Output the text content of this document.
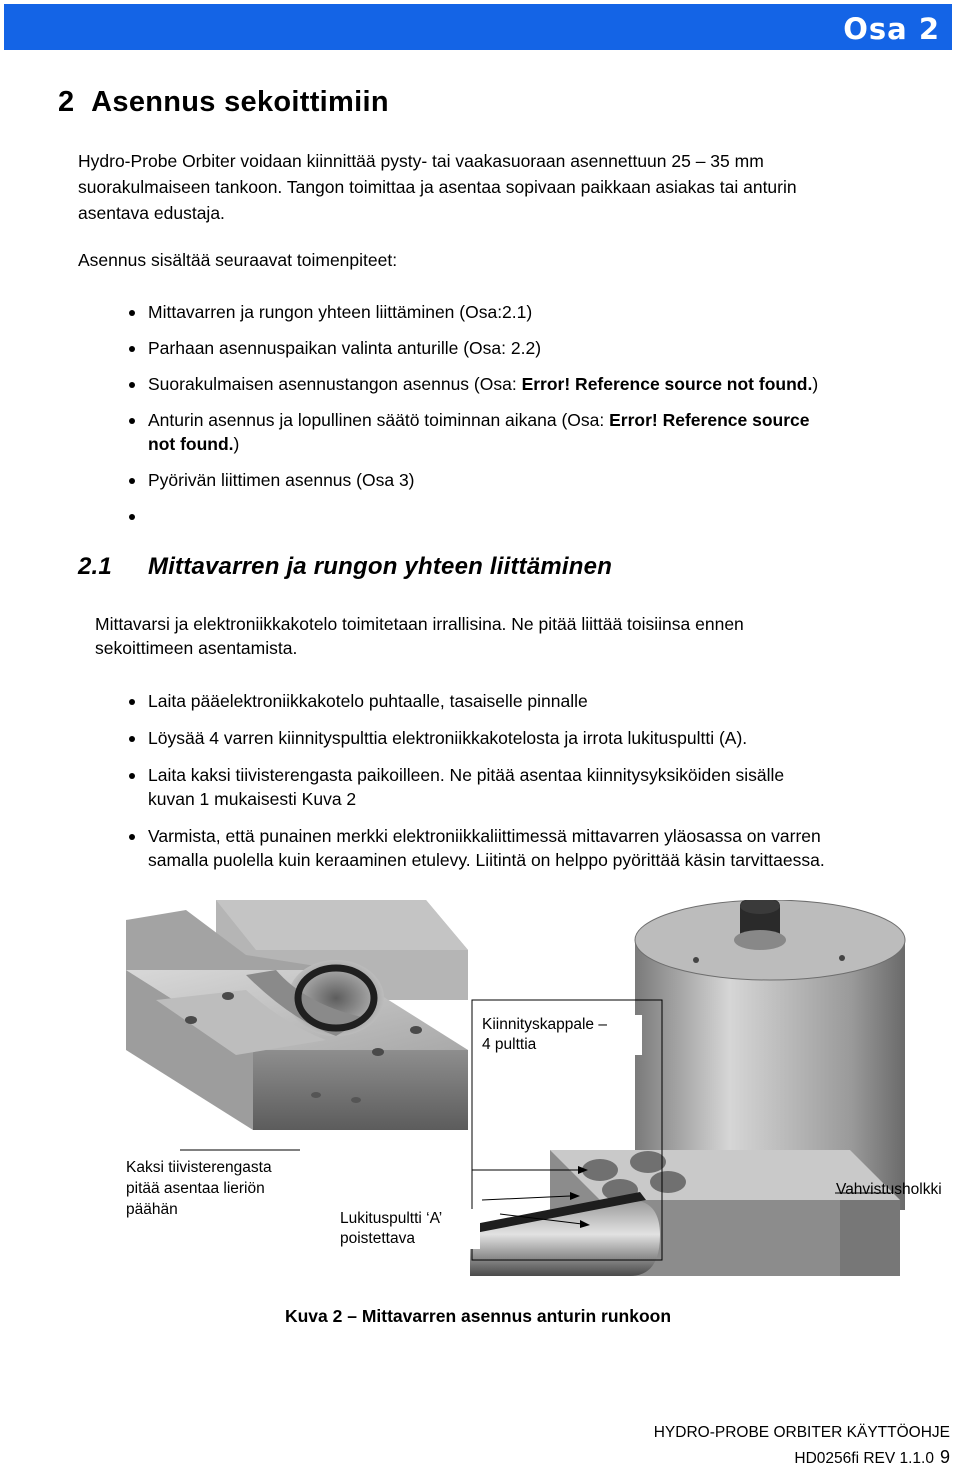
Osa 2
2 Asennus sekoittimiin
Hydro-Probe Orbiter voidaan kiinnittää pysty- tai vaakasuoraan asennettuun 25 – 35 mm
suorakulmaiseen tankoon. Tangon toimittaa ja asentaa sopivaan paikkaan asiakas tai anturin
asentava edustaja.
Asennus sisältää seuraavat toimenpiteet:
Mittavarren ja rungon yhteen liittäminen (Osa:2.1)
Parhaan asennuspaikan valinta anturille (Osa: 2.2)
Suorakulmaisen asennustangon asennus (Osa: Error! Reference source not found.)
Anturin asennus ja lopullinen säätö toiminnan aikana (Osa: Error! Reference source
not found.)
Pyörivän liittimen asennus (Osa 3)
2.1 Mittavarren ja rungon yhteen liittäminen
Mittavarsi ja elektroniikkakotelo toimitetaan irrallisina. Ne pitää liittää toisiinsa ennen
sekoittimeen asentamista.
Laita pääelektroniikkakotelo puhtaalle, tasaiselle pinnalle
Löysää 4 varren kiinnityspulttia elektroniikkakotelosta ja irrota lukituspultti (A).
Laita kaksi tiivisterengasta paikoilleen. Ne pitää asentaa kiinnitysyksiköiden sisälle
kuvan 1 mukaisesti Kuva 2
Varmista, että punainen merkki elektroniikkaliittimessä mittavarren yläosassa on varren
samalla puolella kuin keraaminen etulevy. Liitintä on helppo pyörittää käsin tarvittaessa.
Kiinnityskappale –
4 pulttia
Kaksi tiivisterengasta
pitää asentaa lieriön
päähän
Lukituspultti ‘A’
poistettava
Vahvistusholkki
Kuva 2 – Mittavarren asennus anturin runkoon
HYDRO-PROBE ORBITER KÄYTTÖOHJE
HD0256fi REV 1.1.0 9
